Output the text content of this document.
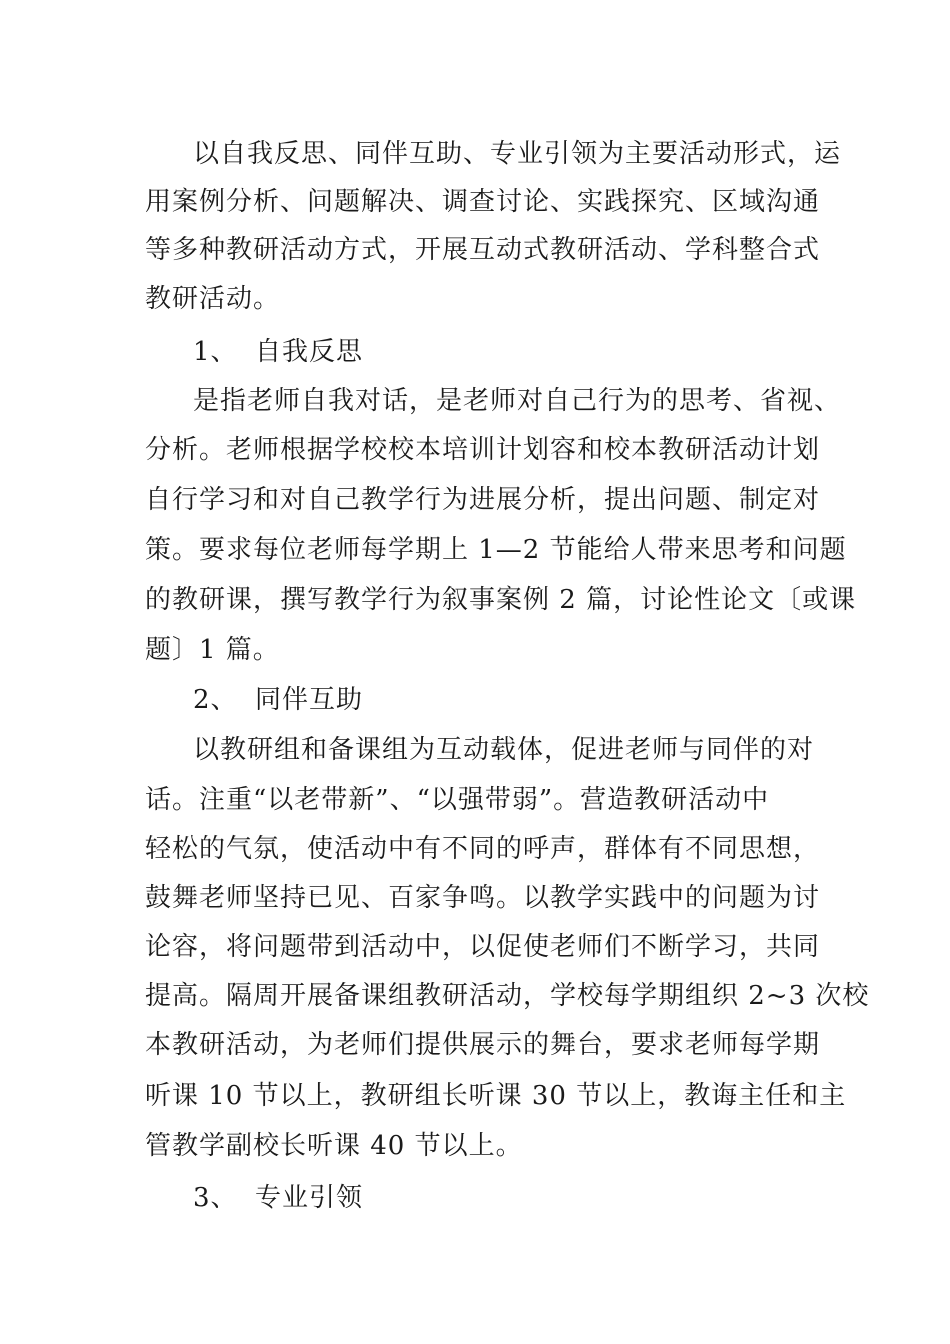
以自我反思、同伴互助、专业引领为主要活动形式，运
用案例分析、问题解决、调查讨论、实践探究、区域沟通
等多种教研活动方式，开展互动式教研活动、学科整合式
教研活动。
1、 自我反思
是指老师自我对话，是老师对自己行为的思考、省视、
分析。老师根据学校校本培训计划容和校本教研活动计划
自行学习和对自己教学行为进展分析，提出问题、制定对
策。要求每位老师每学期上 1—2 节能给人带来思考和问题
的教研课，撰写教学行为叙事案例 2 篇，讨论性论文〔或课
题〕1 篇。
2、 同伴互助
以教研组和备课组为互动载体，促进老师与同伴的对
话。注重“以老带新”、“以强带弱”。营造教研活动中
轻松的气氛，使活动中有不同的呼声，群体有不同思想，
鼓舞老师坚持已见、百家争鸣。以教学实践中的问题为讨
论容，将问题带到活动中，以促使老师们不断学习，共同
提高。隔周开展备课组教研活动，学校每学期组织 2~3 次校
本教研活动，为老师们提供展示的舞台，要求老师每学期
听课 10 节以上，教研组长听课 30 节以上，教诲主任和主
管教学副校长听课 40 节以上。
3、 专业引领
